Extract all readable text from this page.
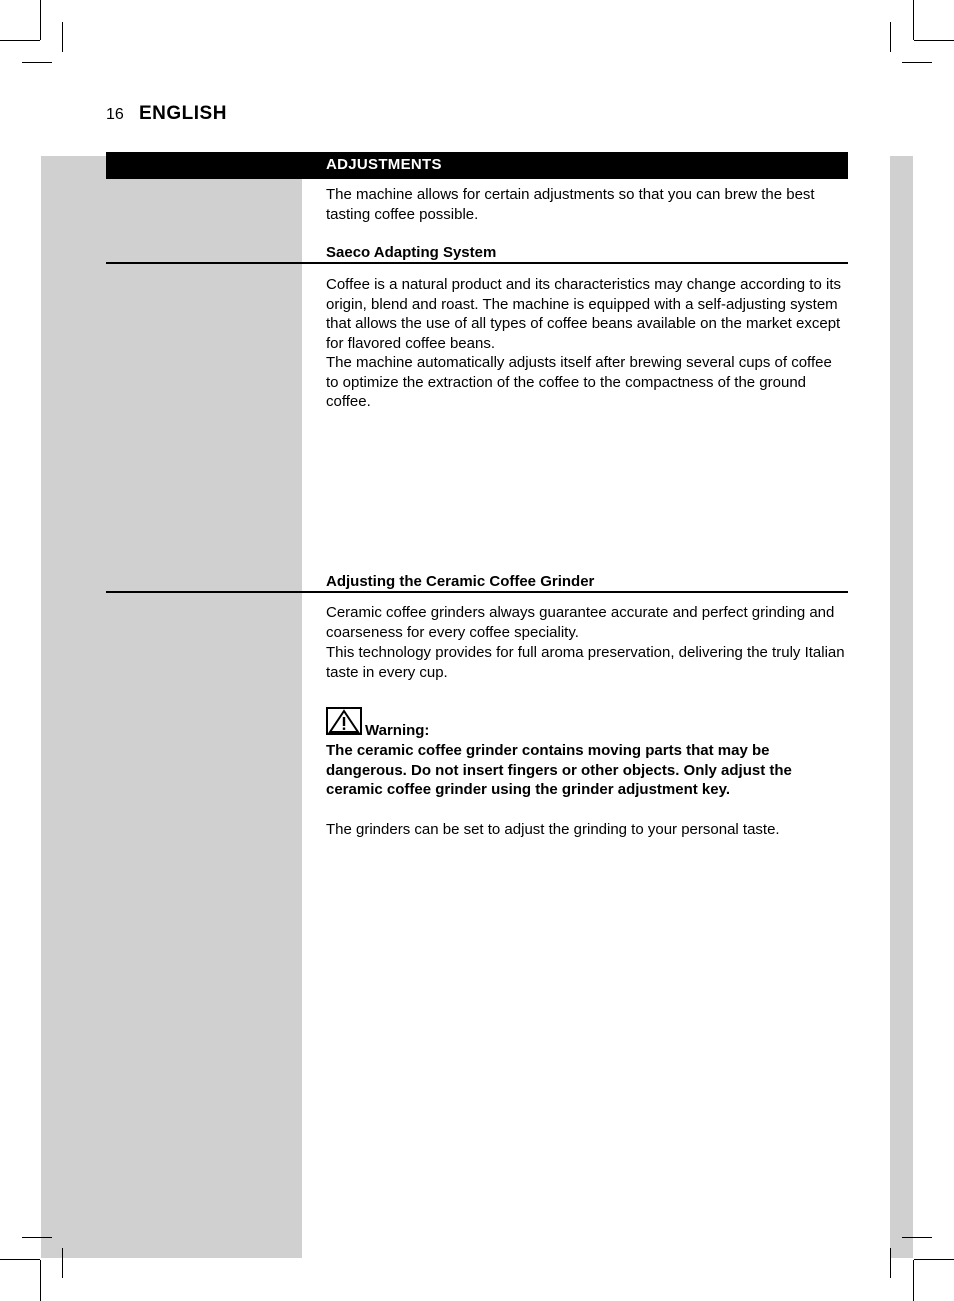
16 ENGLISH
ADJUSTMENTS
The machine allows for certain adjustments so that you can brew the best tasting coffee possible.
Saeco Adapting System
Coffee is a natural product and its characteristics may change according to its origin, blend and roast. The machine is equipped with a self-adjusting system that allows the use of all types of coffee beans available on the market except for flavored coffee beans.
The machine automatically adjusts itself after brewing several cups of coffee to optimize the extraction of the coffee to the compactness of the ground coffee.
Adjusting the Ceramic Coffee Grinder
Ceramic coffee grinders always guarantee accurate and perfect grinding and coarseness for every coffee speciality.
This technology provides for full aroma preservation, delivering the truly Italian taste in every cup.
Warning:
The ceramic coffee grinder contains moving parts that may be dangerous. Do not insert fingers or other objects. Only adjust the ceramic coffee grinder using the grinder adjustment key.
The grinders can be set to adjust the grinding to your personal taste.
